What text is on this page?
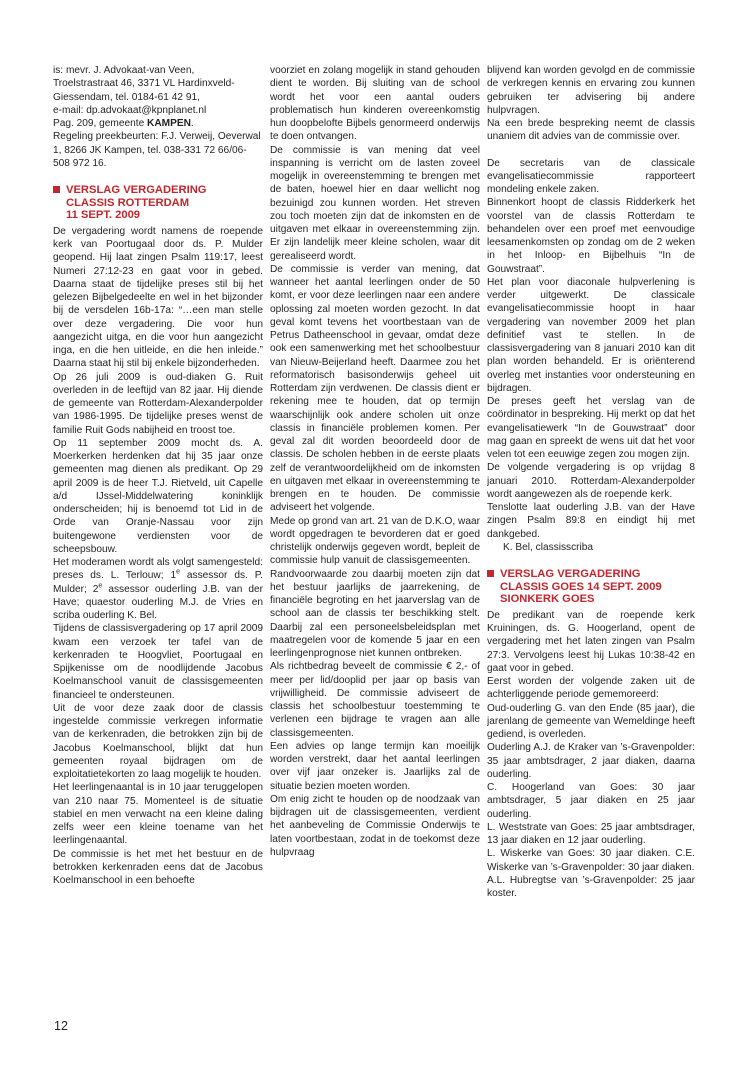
is: mevr. J. Advokaat-van Veen,

Troelstrastraat 46, 3371 VL Hardinxveld-Giessendam, tel. 0184-61 42 91,

e-mail: dp.advokaat@kpnplanet.nl

Pag. 209, gemeente KAMPEN.

Regeling preekbeurten: F.J. Verweij, Oeverwal 1, 8266 JK Kampen, tel. 038-331 72 66/06-508 972 16.

VERSLAG VERGADERING
CLASSIS ROTTERDAM
11 SEPT. 2009

De vergadering wordt namens de roepende kerk van Poortugaal door ds. P. Mulder geopend. Hij laat zingen Psalm 119:17, leest Numeri 27:12-23 en gaat voor in gebed. Daarna staat de tijdelijke preses stil bij het gelezen Bijbelgedeelte en wel in het bijzonder bij de versdelen 16b-17a: “…een man stelle over deze vergadering. Die voor hun aangezicht uitga, en die voor hun aangezicht inga, en die hen uitleide, en die hen inleide.” Daarna staat hij stil bij enkele bijzonderheden.

Op 26 juli 2009 is oud-diaken G. Ruit overleden in de leeftijd van 82 jaar. Hij diende de gemeente van Rotterdam-Alexanderpolder van 1986-1995. De tijdelijke preses wenst de familie Ruit Gods nabijheid en troost toe.

Op 11 september 2009 mocht ds. A. Moerkerken herdenken dat hij 35 jaar onze gemeenten mag dienen als predikant. Op 29 april 2009 is de heer T.J. Rietveld, uit Capelle a/d IJssel-Middelwatering koninklijk onderscheiden; hij is benoemd tot Lid in de Orde van Oranje-Nassau voor zijn buitengewone verdiensten voor de scheepsbouw.

Het moderamen wordt als volgt samengesteld: preses ds. L. Terlouw; 1e assessor ds. P. Mulder; 2e assessor ouderling J.B. van der Have; quaestor ouderling M.J. de Vries en scriba ouderling K. Bel.

Tijdens de classisvergadering op 17 april 2009 kwam een verzoek ter tafel van de kerkenraden te Hoogvliet, Poortugaal en Spijkenisse om de noodlijdende Jacobus Koelmanschool vanuit de classisgemeenten financieel te ondersteunen.

Uit de voor deze zaak door de classis ingestelde commissie verkregen informatie van de kerkenraden, die betrokken zijn bij de Jacobus Koelmanschool, blijkt dat hun gemeenten royaal bijdragen om de exploitatietekorten zo laag mogelijk te houden.

Het leerlingenaantal is in 10 jaar teruggelopen van 210 naar 75. Momenteel is de situatie stabiel en men verwacht na een kleine daling zelfs weer een kleine toename van het leerlingenaantal.

De commissie is het met het bestuur en de betrokken kerkenraden eens dat de Jacobus Koelmanschool in een behoefte

voorziet en zolang mogelijk in stand gehouden dient te worden. Bij sluiting van de school wordt het voor een aantal ouders problematisch hun kinderen overeenkomstig hun doopbelofte Bijbels genormeerd onderwijs te doen ontvangen.

De commissie is van mening dat veel inspanning is verricht om de lasten zoveel mogelijk in overeenstemming te brengen met de baten, hoewel hier en daar wellicht nog bezuinigd zou kunnen worden. Het streven zou toch moeten zijn dat de inkomsten en de uitgaven met elkaar in overeenstemming zijn. Er zijn landelijk meer kleine scholen, waar dit gerealiseerd wordt.

De commissie is verder van mening, dat wanneer het aantal leerlingen onder de 50 komt, er voor deze leerlingen naar een andere oplossing zal moeten worden gezocht. In dat geval komt tevens het voortbestaan van de Petrus Datheenschool in gevaar, omdat deze ook een samenwerking met het schoolbestuur van Nieuw-Beijerland heeft. Daarmee zou het reformatorisch basisonderwijs geheel uit Rotterdam zijn verdwenen. De classis dient er rekening mee te houden, dat op termijn waarschijnlijk ook andere scholen uit onze classis in financiële problemen komen. Per geval zal dit worden beoordeeld door de classis. De scholen hebben in de eerste plaats zelf de verantwoordelijkheid om de inkomsten en uitgaven met elkaar in overeenstemming te brengen en te houden. De commissie adviseert het volgende.

Mede op grond van art. 21 van de D.K.O, waar wordt opgedragen te bevorderen dat er goed christelijk onderwijs gegeven wordt, bepleit de commissie hulp vanuit de classisgemeenten.

Randvoorwaarde zou daarbij moeten zijn dat het bestuur jaarlijks de jaarrekening, de financiële begroting en het jaarverslag van de school aan de classis ter beschikking stelt. Daarbij zal een personeelsbeleidsplan met maatregelen voor de komende 5 jaar en een leerlingenprognose niet kunnen ontbreken.

Als richtbedrag beveelt de commissie € 2,- of meer per lid/dooplid per jaar op basis van vrijwilligheid. De commissie adviseert de classis het schoolbestuur toestemming te verlenen een bijdrage te vragen aan alle classisgemeenten.

Een advies op lange termijn kan moeilijk worden verstrekt, daar het aantal leerlingen over vijf jaar onzeker is. Jaarlijks zal de situatie bezien moeten worden.

Om enig zicht te houden op de noodzaak van bijdragen uit de classisgemeenten, verdient het aanbeveling de Commissie Onderwijs te laten voortbestaan, zodat in de toekomst deze hulpvraag

blijvend kan worden gevolgd en de commissie de verkregen kennis en ervaring zou kunnen gebruiken ter advisering bij andere hulpvragen.

Na een brede bespreking neemt de classis unaniem dit advies van de commissie over.

De secretaris van de classicale evangelisatiecommissie rapporteert mondeling enkele zaken.

Binnenkort hoopt de classis Ridderkerk het voorstel van de classis Rotterdam te behandelen over een proef met eenvoudige leesamenkomsten op zondag om de 2 weken in het Inloop- en Bijbelhuis “In de Gouwstraat”.

Het plan voor diaconale hulpverlening is verder uitgewerkt. De classicale evangelisatiecommissie hoopt in haar vergadering van november 2009 het plan definitief vast te stellen. In de classisvergadering van 8 januari 2010 kan dit plan worden behandeld. Er is oriënterend overleg met instanties voor ondersteuning en bijdragen.

De preses geeft het verslag van de coördinator in bespreking. Hij merkt op dat het evangelisatiewerk “In de Gouwstraat” door mag gaan en spreekt de wens uit dat het voor velen tot een eeuwige zegen zou mogen zijn.

De volgende vergadering is op vrijdag 8 januari 2010. Rotterdam-Alexanderpolder wordt aangewezen als de roepende kerk.

Tenslotte laat ouderling J.B. van der Have zingen Psalm 89:8 en eindigt hij met dankgebed.

K. Bel, classisscriba

VERSLAG VERGADERING
CLASSIS GOES 14 SEPT. 2009
SIONKERK GOES

De predikant van de roepende kerk Kruiningen, ds. G. Hoogerland, opent de vergadering met het laten zingen van Psalm 27:3. Vervolgens leest hij Lukas 10:38-42 en gaat voor in gebed.

Eerst worden der volgende zaken uit de achterliggende periode gememoreerd:

Oud-ouderling G. van den Ende (85 jaar), die jarenlang de gemeente van Wemeldinge heeft gediend, is overleden.

Ouderling A.J. de Kraker van ’s-Gravenpolder: 35 jaar ambtsdrager, 2 jaar diaken, daarna ouderling.

C. Hoogerland van Goes: 30 jaar ambtsdrager, 5 jaar diaken en 25 jaar ouderling.

L. Weststrate van Goes: 25 jaar ambtsdrager, 13 jaar diaken en 12 jaar ouderling.

L. Wiskerke van Goes: 30 jaar diaken. C.E. Wiskerke van ’s-Gravenpolder: 30 jaar diaken.

A.L. Hubregtse van ’s-Gravenpolder: 25 jaar koster.

12
